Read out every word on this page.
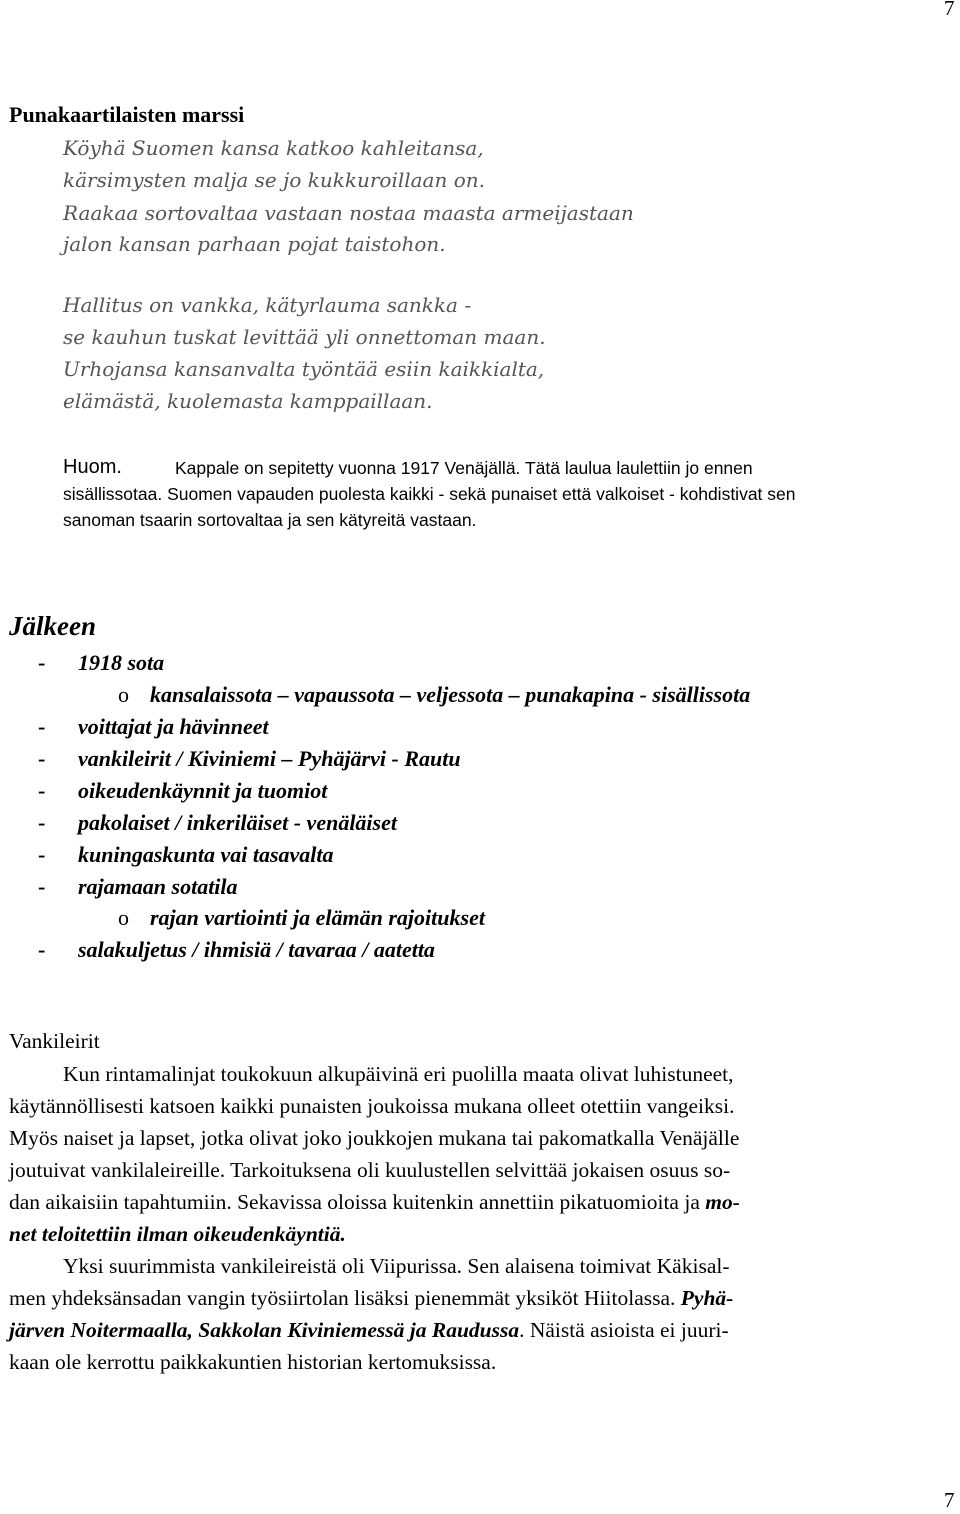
7
7
Punakaartilaisten marssi
Köyhä Suomen kansa katkoo kahleitansa,
kärsimysten malja se jo kukkuroillaan on.
Raakaa sortovaltaa vastaan nostaa maasta armeijastaan
jalon kansan parhaan pojat taistohon.
Hallitus on vankka, kätyrlauma sankka -
se kauhun tuskat levittää yli onnettoman maan.
Urhojansa kansanvalta työntää esiin kaikkialta,
elämästä, kuolemasta kamppaillaan.
Huom.	Kappale on sepitetty vuonna 1917 Venäjällä. Tätä laulua laulettiin jo ennen
sisällissotaa. Suomen vapauden puolesta kaikki - sekä punaiset että valkoiset - kohdistivat sen
sanoman tsaarin sortovaltaa ja sen kätyreitä vastaan.
Jälkeen
- 1918 sota
o kansalaissota – vapaussota – veljessota – punakapina - sisällissota
- voittajat ja hävinneet
- vankileirit / Kiviniemi – Pyhäjärvi - Rautu
- oikeudenkäynnit ja tuomiot
- pakolaiset / inkeriläiset - venäläiset
- kuningaskunta vai tasavalta
- rajamaan sotatila
o rajan vartiointi ja elämän rajoitukset
- salakuljetus / ihmisiä / tavaraa / aatetta
Vankileirit
Kun rintamalinjat toukokuun alkupäivinä eri puolilla maata olivat luhistuneet,
käytännöllisesti katsoen kaikki punaisten joukoissa mukana olleet otettiin vangeiksi.
Myös naiset ja lapset, jotka olivat joko joukkojen mukana tai pakomatkalla Venäjälle
joutuivat vankilaleireille. Tarkoituksena oli kuulustellen selvittää jokaisen osuus so-
dan aikaisiin tapahtumiin. Sekavissa oloissa kuitenkin annettiin pikatuomioita ja mo-
net teloitettiin ilman oikeudenkäyntiä.
Yksi suurimmista vankileireistä oli Viipurissa. Sen alaisena toimivat Käkisal-
men yhdeksänsadan vangin työsiirtolan lisäksi pienemmät yksiköt Hiitolassa. Pyhä-
järven Noitermaalla, Sakkolan Kiviniemessä ja Raudussa. Näistä asioista ei juuri-
kaan ole kerrottu paikkakuntien historian kertomuksissa.
